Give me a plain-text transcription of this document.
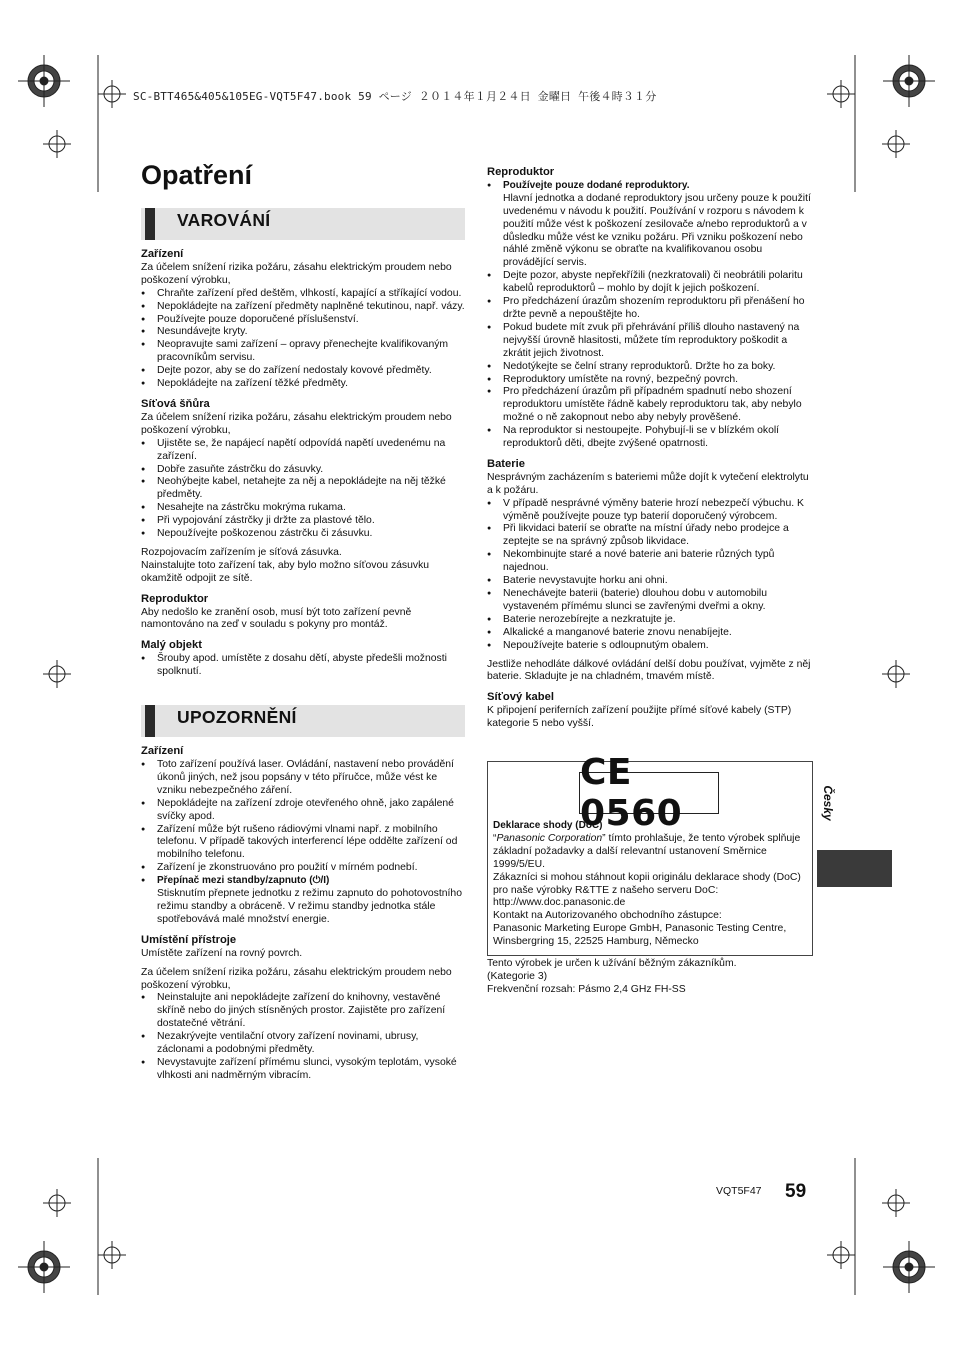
SC-BTT465&405&105EG-VQT5F47.book 59 ページ ２０１４年１月２４日 金曜日 午後４時３１分
Opatření
VAROVÁNÍ
Zařízení

Za účelem snížení rizika požáru, zásahu elektrickým proudem nebo poškození výrobku,

● Chraňte zařízení před deštěm, vlhkostí, kapající a stříkající vodou.
● Nepokládejte na zařízení předměty naplněné tekutinou, např. vázy.
● Používejte pouze doporučené příslušenství.
● Nesundávejte kryty.
● Neopravujte sami zařízení – opravy přenechejte kvalifikovaným pracovníkům servisu.
● Dejte pozor, aby se do zařízení nedostaly kovové předměty.
● Nepokládejte na zařízení těžké předměty.
Síťová šňůra

Za účelem snížení rizika požáru, zásahu elektrickým proudem nebo poškození výrobku,

● Ujistěte se, že napájecí napětí odpovídá napětí uvedenému na zařízení.
● Dobře zasuňte zástrčku do zásuvky.
● Neohýbejte kabel, netahejte za něj a nepokládejte na něj těžké předměty.
● Nesahejte na zástrčku mokrýma rukama.
● Při vypojování zástrčky ji držte za plastové tělo.
● Nepoužívejte poškozenou zástrčku či zásuvku.

Rozpojovacím zařízením je síťová zásuvka.

Nainstalujte toto zařízení tak, aby bylo možno síťovou zásuvku okamžitě odpojit ze sítě.

Reproduktor

Aby nedošlo ke zranění osob, musí být toto zařízení pevně namontováno na zeď v souladu s pokyny pro montáž.

Malý objekt
● Šrouby apod. umístěte z dosahu dětí, abyste předešli možnosti spolknutí.
UPOZORNĚNÍ
Zařízení
● Toto zařízení používá laser. Ovládání, nastavení nebo provádění úkonů jiných, než jsou popsány v této příručce, může vést ke vzniku nebezpečného záření.
● Nepokládejte na zařízení zdroje otevřeného ohně, jako zapálené svíčky apod.
● Zařízení může být rušeno rádiovými vlnami např. z mobilního telefonu. V případě takových interferencí lépe oddělte zařízení od mobilního telefonu.
● Zařízení je zkonstruováno pro použití v mírném podnebí.
● Přepínač mezi standby/zapnuto (⏻/I)
Stisknutím přepnete jednotku z režimu zapnuto do pohotovostního režimu standby a obráceně. V režimu standby jednotka stále spotřebovává malé množství energie.
Umístění přístroje

Umístěte zařízení na rovný povrch.

Za účelem snížení rizika požáru, zásahu elektrickým proudem nebo poškození výrobku,

● Neinstalujte ani nepokládejte zařízení do knihovny, vestavěné skříně nebo do jiných stísněných prostor. Zajistěte pro zařízení dostatečné větrání.
● Nezakrývejte ventilační otvory zařízení novinami, ubrusy, záclonami a podobnými předměty.
● Nevystavujte zařízení přímému slunci, vysokým teplotám, vysoké vlhkosti ani nadměrným vibracím.
Reproduktor
● Používejte pouze dodané reproduktory.
Hlavní jednotka a dodané reproduktory jsou určeny pouze k použití uvedenému v návodu k použití. Používání v rozporu s návodem k použití může vést k poškození zesilovače a/nebo reproduktorů a v důsledku může vést ke vzniku požáru. Při vzniku poškození nebo náhlé změně výkonu se obraťte na kvalifikovanou osobu provádějící servis.
● Dejte pozor, abyste nepřekřížili (nezkratovali) či neobrátili polaritu kabelů reproduktorů – mohlo by dojít k jejich poškození.
● Pro předcházení úrazům shozením reproduktoru při přenášení ho držte pevně a nepouštějte ho.
● Pokud budete mít zvuk při přehrávání příliš dlouho nastavený na nejvyšší úrovně hlasitosti, můžete tím reproduktory poškodit a zkrátit jejich životnost.
● Nedotýkejte se čelní strany reproduktorů. Držte ho za boky.
● Reproduktory umístěte na rovný, bezpečný povrch.
● Pro předcházení úrazům při případném spadnutí nebo shození reproduktoru umístěte řádně kabely reproduktoru tak, aby nebylo možné o ně zakopnout nebo aby nebyly prověšené.
● Na reproduktor si nestoupejte. Pohybují-li se v blízkém okolí reproduktorů děti, dbejte zvýšené opatrnosti.
Baterie

Nesprávným zacházením s bateriemi může dojít k vytečení elektrolytu a k požáru.

● V případě nesprávné výměny baterie hrozí nebezpečí výbuchu. K výměně používejte pouze typ baterií doporučený výrobcem.
● Při likvidaci baterií se obraťte na místní úřady nebo prodejce a zeptejte se na správný způsob likvidace.
● Nekombinujte staré a nové baterie ani baterie různých typů najednou.
● Baterie nevystavujte horku ani ohni.
● Nenechávejte baterii (baterie) dlouhou dobu v automobilu vystaveném přímému slunci se zavřenými dveřmi a okny.
● Baterie nerozebírejte a nezkratujte je.
● Alkalické a manganové baterie znovu nenabíjejte.
● Nepoužívejte baterie s odloupnutým obalem.

Jestliže nehodláte dálkové ovládání delší dobu používat, vyjměte z něj baterie. Skladujte je na chladném, tmavém místě.

Síťový kabel

K připojení periferních zařízení použijte přímé síťové kabely (STP) kategorie 5 nebo vyšší.

CE 0560
Deklarace shody (DoC)

“Panasonic Corporation” tímto prohlašuje, že tento výrobek splňuje základní požadavky a další relevantní ustanovení Směrnice 1999/5/EU.

Zákazníci si mohou stáhnout kopii originálu deklarace shody (DoC) pro naše výrobky R&TTE z našeho serveru DoC:

http://www.doc.panasonic.de

Kontakt na Autorizovaného obchodního zástupce:

Panasonic Marketing Europe GmbH, Panasonic Testing Centre, Winsbergring 15, 22525 Hamburg, Německo

Tento výrobek je určen k užívání běžným zákazníkům.

(Kategorie 3)

Frekvenční rozsah: Pásmo 2,4 GHz FH-SS

Česky
VQT5F47 59
